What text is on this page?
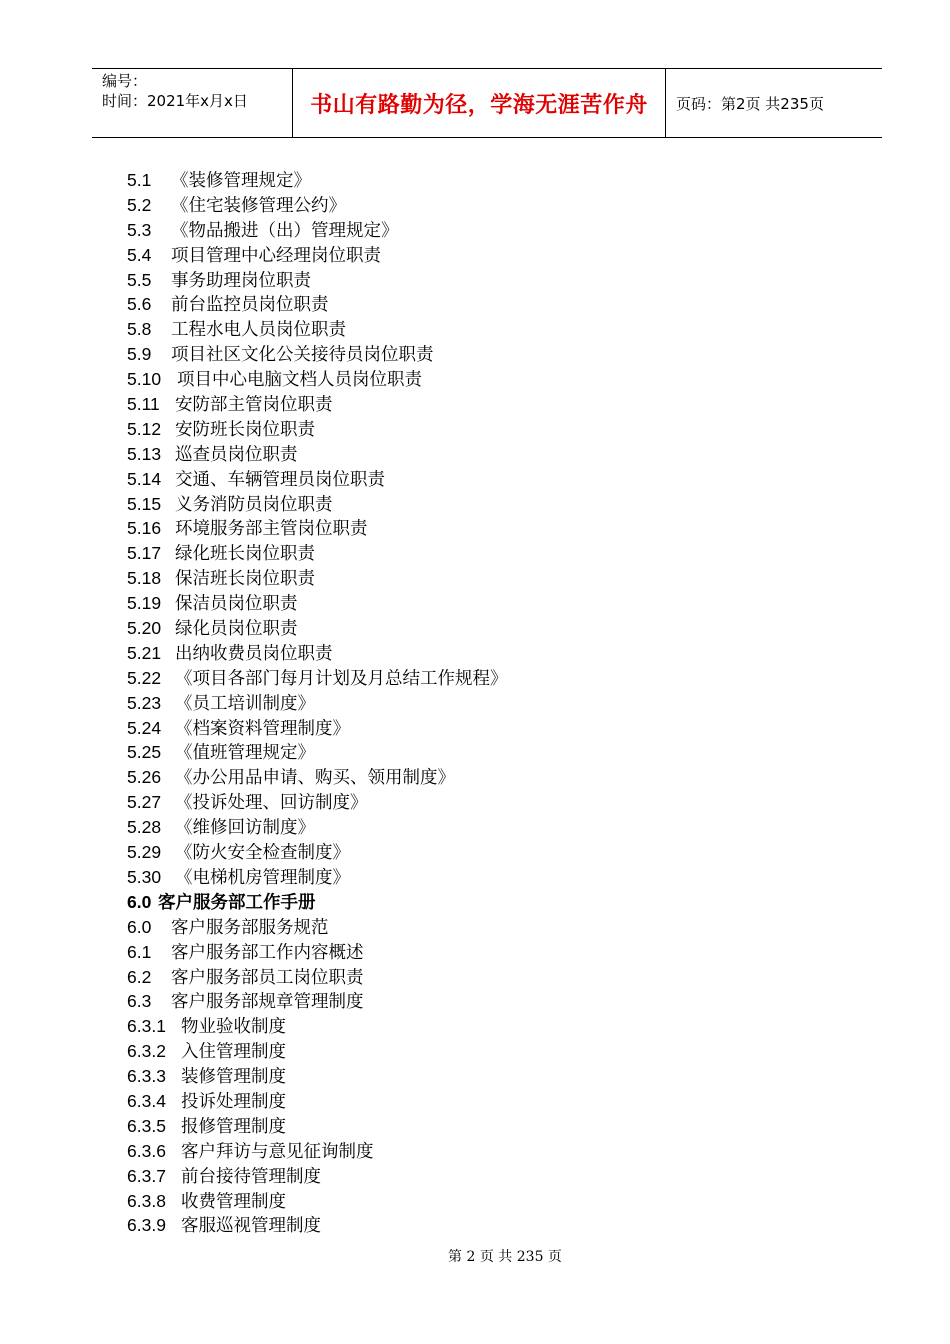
编号：
时间：2021年x月x日	书山有路勤为径，学海无涯苦作舟	页码：第2页 共235页
5.1 《装修管理规定》
5.2 《住宅装修管理公约》
5.3 《物品搬进（出）管理规定》
5.4 项目管理中心经理岗位职责
5.5 事务助理岗位职责
5.6 前台监控员岗位职责
5.8 工程水电人员岗位职责
5.9 项目社区文化公关接待员岗位职责
5.10 项目中心电脑文档人员岗位职责
5.11 安防部主管岗位职责
5.12 安防班长岗位职责
5.13 巡查员岗位职责
5.14 交通、车辆管理员岗位职责
5.15 义务消防员岗位职责
5.16 环境服务部主管岗位职责
5.17 绿化班长岗位职责
5.18 保洁班长岗位职责
5.19 保洁员岗位职责
5.20 绿化员岗位职责
5.21 出纳收费员岗位职责
5.22 《项目各部门每月计划及月总结工作规程》
5.23 《员工培训制度》
5.24 《档案资料管理制度》
5.25 《值班管理规定》
5.26 《办公用品申请、购买、领用制度》
5.27 《投诉处理、回访制度》
5.28 《维修回访制度》
5.29 《防火安全检查制度》
5.30 《电梯机房管理制度》
6.0 客户服务部工作手册
6.0 客户服务部服务规范
6.1 客户服务部工作内容概述
6.2 客户服务部员工岗位职责
6.3 客户服务部规章管理制度
6.3.1 物业验收制度
6.3.2 入住管理制度
6.3.3 装修管理制度
6.3.4 投诉处理制度
6.3.5 报修管理制度
6.3.6 客户拜访与意见征询制度
6.3.7 前台接待管理制度
6.3.8 收费管理制度
6.3.9 客服巡视管理制度
第 2 页 共 235 页
